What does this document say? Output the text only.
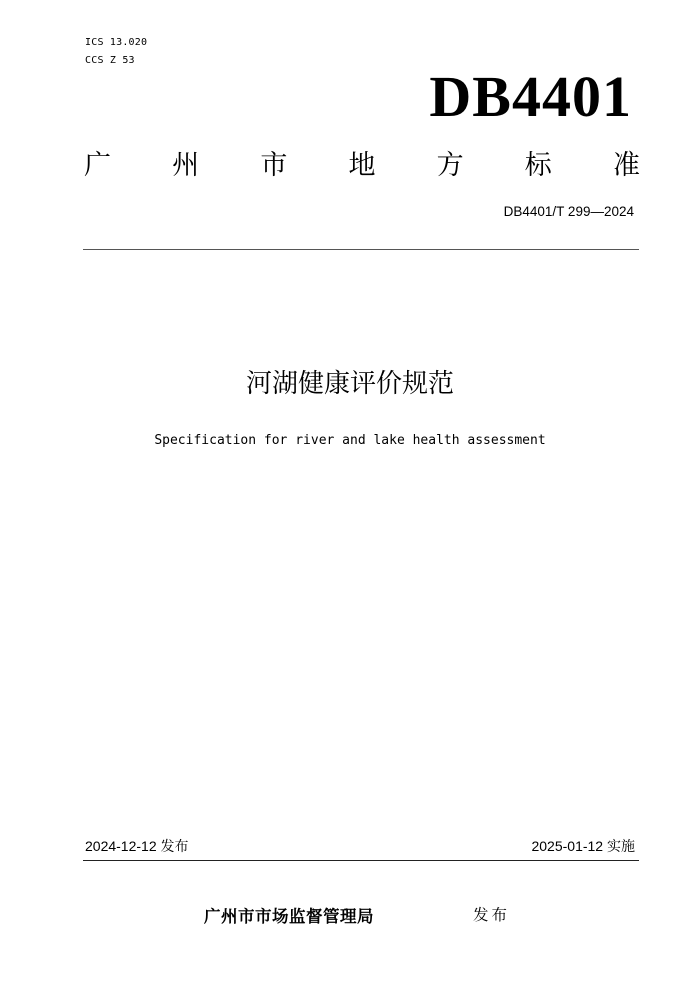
ICS 13.020
CCS Z 53
DB4401
广 州 市 地 方 标 准
DB4401/T 299—2024
河湖健康评价规范
Specification for river and lake health assessment
2024-12-12 发布	2025-01-12 实施
广州市市场监督管理局	发布
